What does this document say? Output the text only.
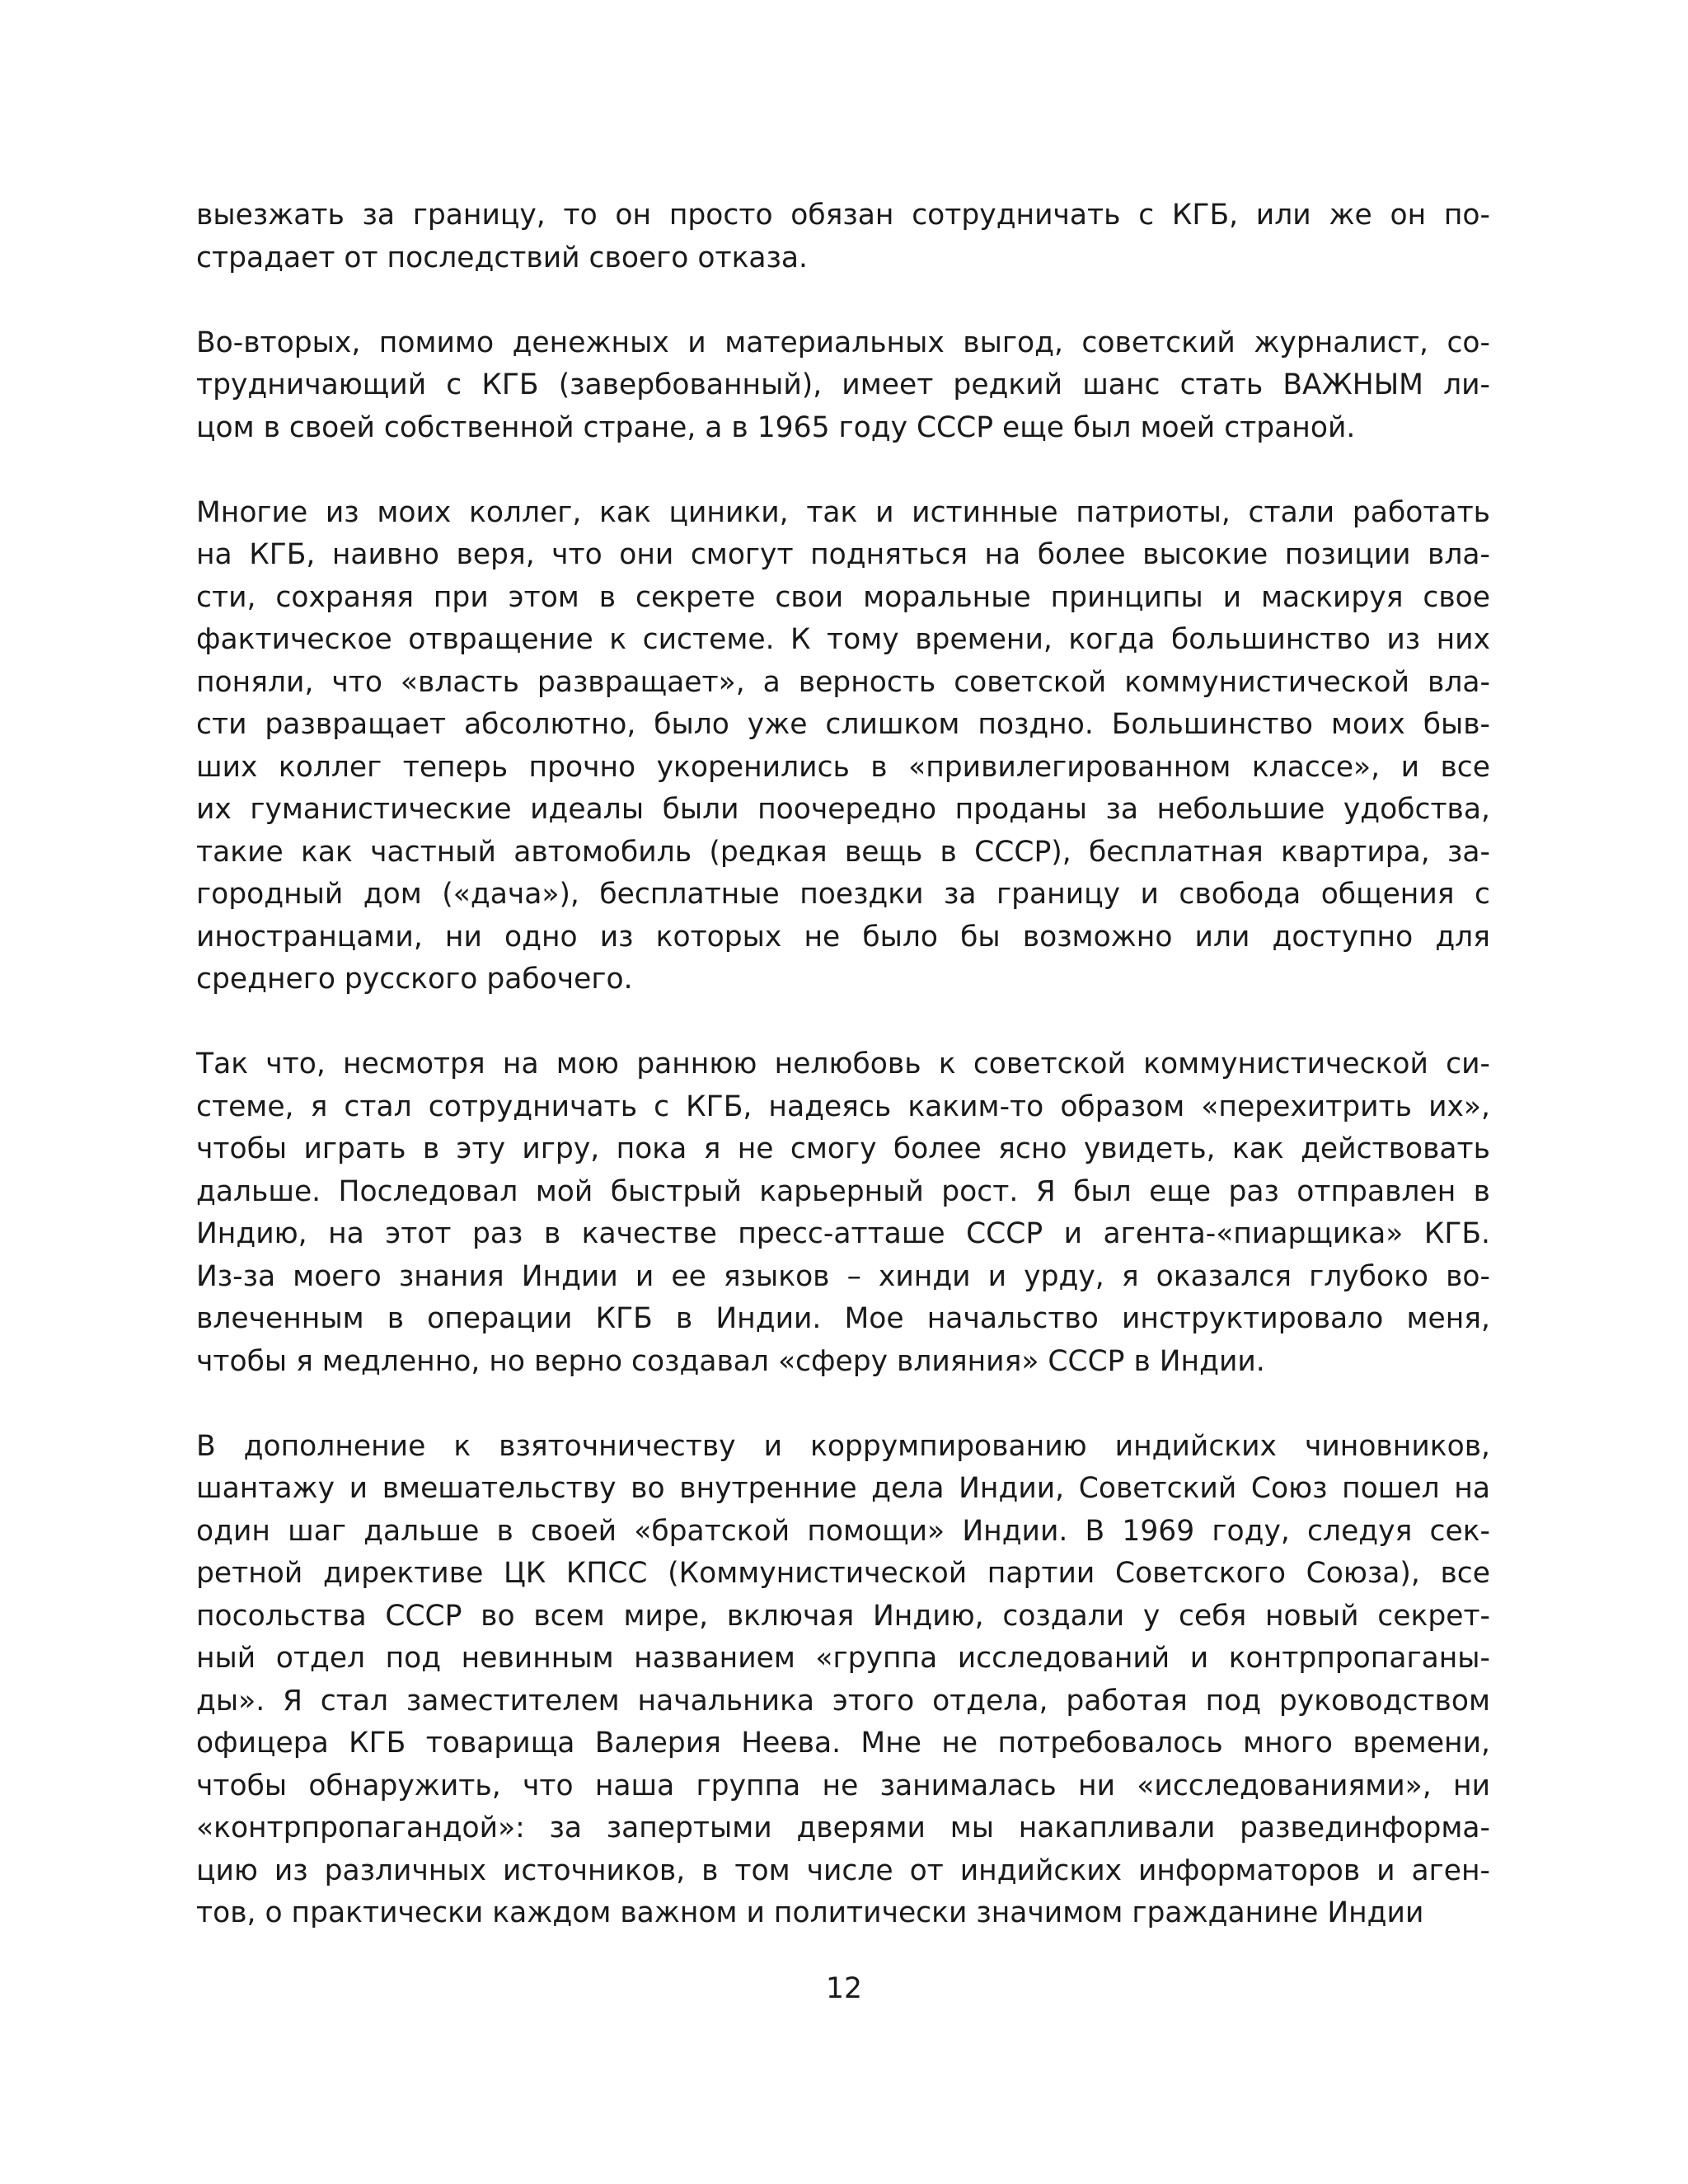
выезжать за границу, то он просто обязан сотрудничать с КГБ, или же он по-
страдает от последствий своего отказа.

Во-вторых, помимо денежных и материальных выгод, советский журналист, со-
трудничающий с КГБ (завербованный), имеет редкий шанс стать ВАЖНЫМ ли-
цом в своей собственной стране, а в 1965 году СССР еще был моей страной.

Многие из моих коллег, как циники, так и истинные патриоты, стали работать
на КГБ, наивно веря, что они смогут подняться на более высокие позиции вла-
сти, сохраняя при этом в секрете свои моральные принципы и маскируя свое
фактическое отвращение к системе. К тому времени, когда большинство из них
поняли, что «власть развращает», а верность советской коммунистической вла-
сти развращает абсолютно, было уже слишком поздно. Большинство моих быв-
ших коллег теперь прочно укоренились в «привилегированном классе», и все
их гуманистические идеалы были поочередно проданы за небольшие удобства,
такие как частный автомобиль (редкая вещь в СССР), бесплатная квартира, за-
городный дом («дача»), бесплатные поездки за границу и свобода общения с
иностранцами, ни одно из которых не было бы возможно или доступно для
среднего русского рабочего.

Так что, несмотря на мою раннюю нелюбовь к советской коммунистической си-
стеме, я стал сотрудничать с КГБ, надеясь каким-то образом «перехитрить их»,
чтобы играть в эту игру, пока я не смогу более ясно увидеть, как действовать
дальше. Последовал мой быстрый карьерный рост. Я был еще раз отправлен в
Индию, на этот раз в качестве пресс-атташе СССР и агента-«пиарщика» КГБ.
Из-за моего знания Индии и ее языков – хинди и урду, я оказался глубоко во-
влеченным в операции КГБ в Индии. Мое начальство инструктировало меня,
чтобы я медленно, но верно создавал «сферу влияния» СССР в Индии.

В дополнение к взяточничеству и коррумпированию индийских чиновников,
шантажу и вмешательству во внутренние дела Индии, Советский Союз пошел на
один шаг дальше в своей «братской помощи» Индии. В 1969 году, следуя сек-
ретной директиве ЦК КПСС (Коммунистической партии Советского Союза), все
посольства СССР во всем мире, включая Индию, создали у себя новый секрет-
ный отдел под невинным названием «группа исследований и контрпропаганы-
ды». Я стал заместителем начальника этого отдела, работая под руководством
офицера КГБ товарища Валерия Неева. Мне не потребовалось много времени,
чтобы обнаружить, что наша группа не занималась ни «исследованиями», ни
«контрпропагандой»: за запертыми дверями мы накапливали развединформа-
цию из различных источников, в том числе от индийских информаторов и аген-
тов, о практически каждом важном и политически значимом гражданине Индии

12
